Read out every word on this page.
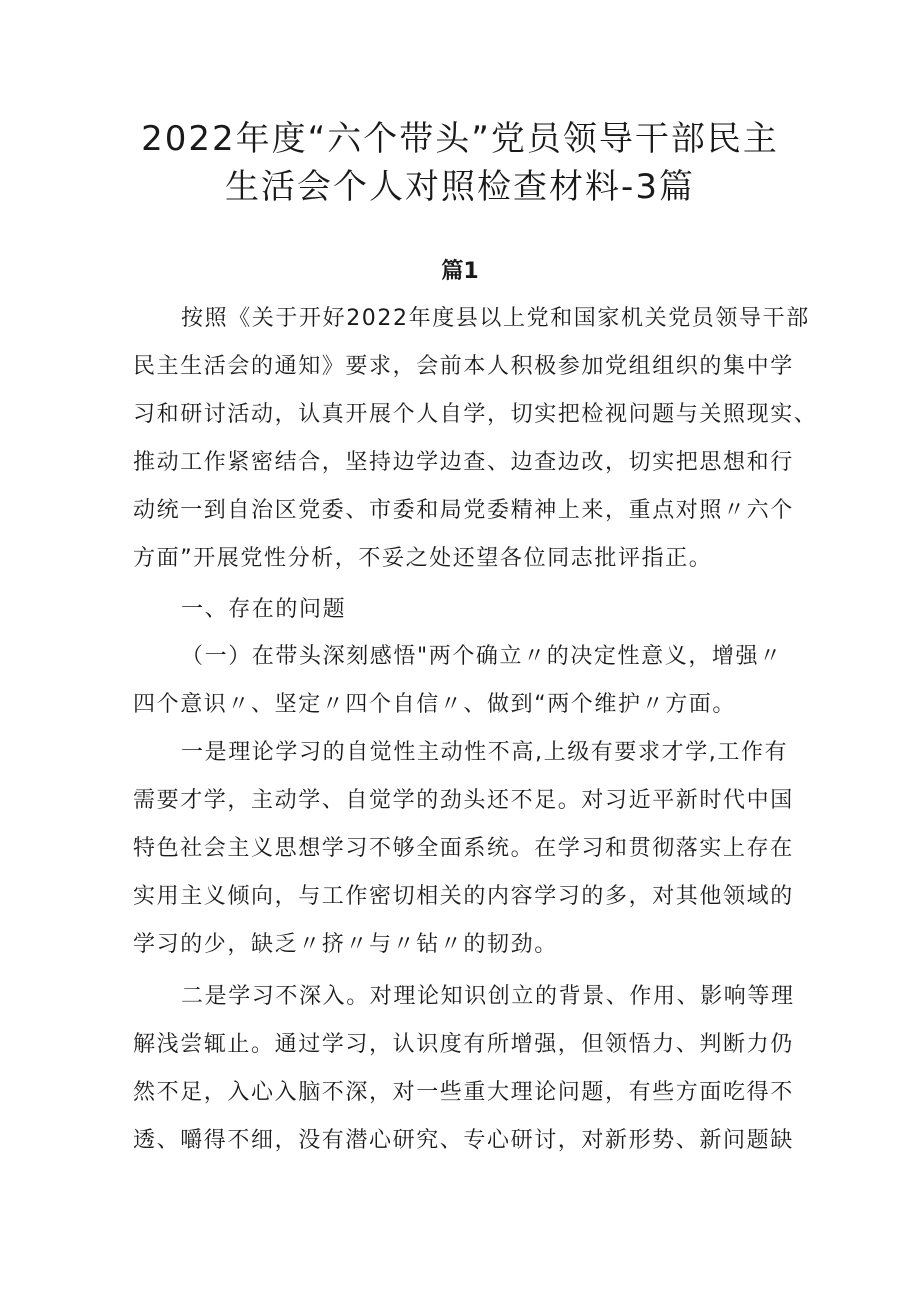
2022年度“六个带头”党员领导干部民主
生活会个人对照检查材料-3篇
篇1

按照《关于开好2022年度县以上党和国家机关党员领导干部

民主生活会的通知》要求，会前本人积极参加党组组织的集中学

习和研讨活动，认真开展个人自学，切实把检视问题与关照现实、

推动工作紧密结合，坚持边学边查、边查边改，切实把思想和行

动统一到自治区党委、市委和局党委精神上来，重点对照〃六个

方面”开展党性分析，不妥之处还望各位同志批评指正。

一、存在的问题

（一）在带头深刻感悟"两个确立〃的决定性意义，增强〃

四个意识〃、坚定〃四个自信〃、做到“两个维护〃方面。

一是理论学习的自觉性主动性不高,上级有要求才学,工作有

需要才学，主动学、自觉学的劲头还不足。对习近平新时代中国

特色社会主义思想学习不够全面系统。在学习和贯彻落实上存在

实用主义倾向，与工作密切相关的内容学习的多，对其他领域的

学习的少，缺乏〃挤〃与〃钻〃的韧劲。

二是学习不深入。对理论知识创立的背景、作用、影响等理

解浅尝辄止。通过学习，认识度有所增强，但领悟力、判断力仍

然不足，入心入脑不深，对一些重大理论问题，有些方面吃得不

透、嚼得不细，没有潜心研究、专心研讨，对新形势、新问题缺
